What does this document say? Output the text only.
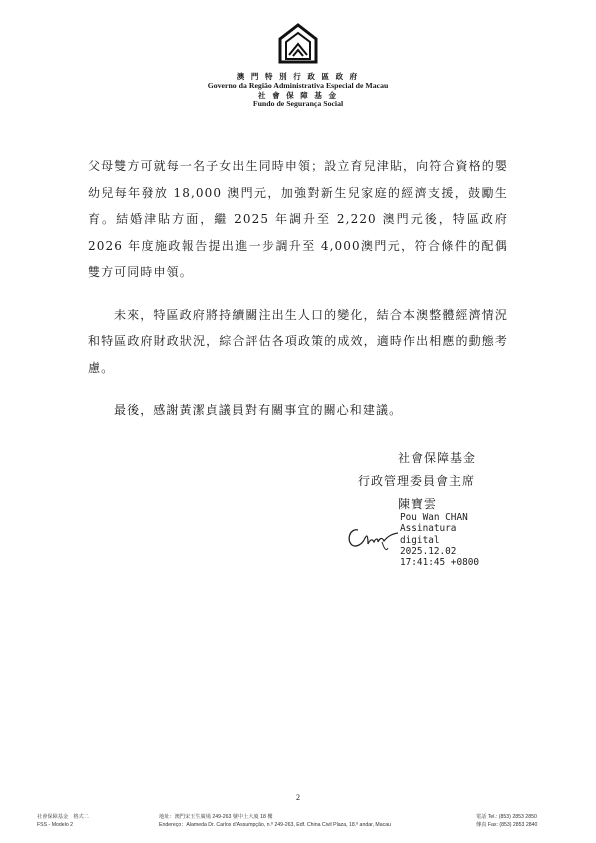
澳 門 特 別 行 政 區 政 府
Governo da Região Administrativa Especial de Macau
社 會 保 障 基 金
Fundo de Segurança Social

父母雙方可就每一名子女出生同時申領；設立育兒津貼，向符合資格的嬰幼兒每年發放 18,000 澳門元，加強對新生兒家庭的經濟支援，鼓勵生育。結婚津貼方面，繼 2025 年調升至 2,220 澳門元後，特區政府 2026 年度施政報告提出進一步調升至 4,000澳門元，符合條件的配偶雙方可同時申領。

未來，特區政府將持續關注出生人口的變化，結合本澳整體經濟情況和特區政府財政狀況，綜合評估各項政策的成效，適時作出相應的動態考慮。

最後，感謝黃潔貞議員對有關事宜的關心和建議。

社會保障基金
行政管理委員會主席
陳寶雲
Pou Wan CHAN
Assinatura
digital
2025.12.02
17:41:45 +0800
2
社會保障基金　格式二
FSS - Modelo 2
地址：澳門宋玉生廣場 249-263 號中土大廈 18 樓
Endereço：Alameda Dr. Carlos d'Assumpção, n.º 249-263, Edf. China Civil Plaza, 18.º andar, Macau
電話 Tel.: (853) 2853 2850
傳真 Fax: (853) 2853 2840
